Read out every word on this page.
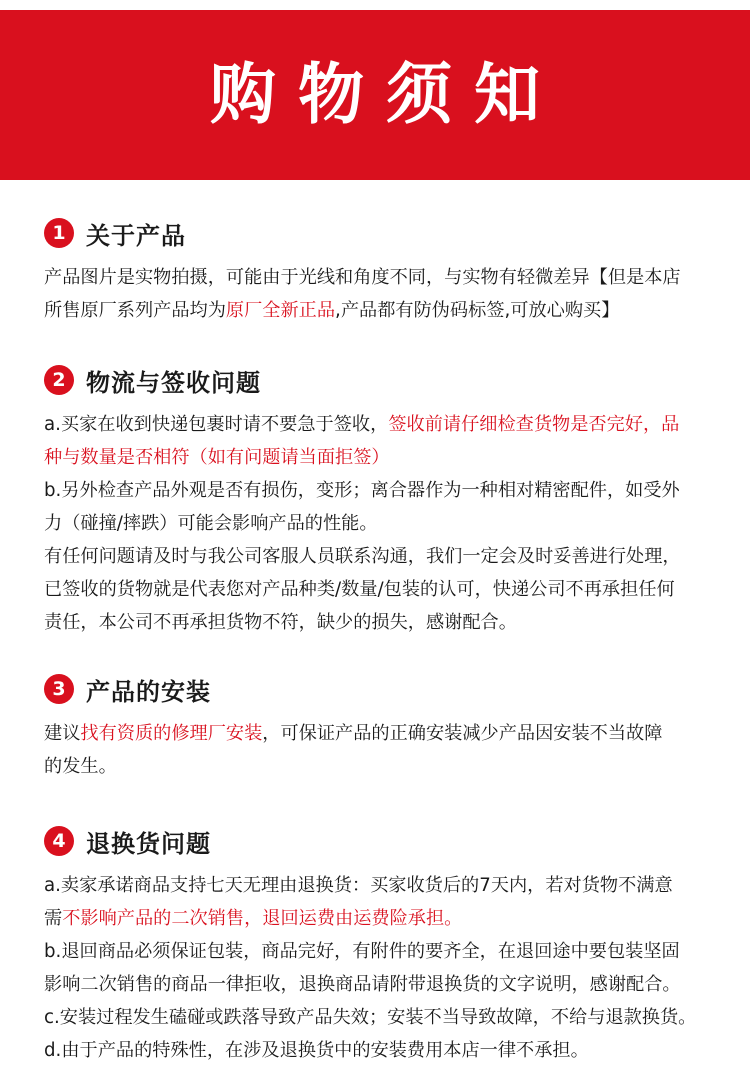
购物须知
1 关于产品

产品图片是实物拍摄，可能由于光线和角度不同，与实物有轻微差异【但是本店

所售原厂系列产品均为原厂全新正品,产品都有防伪码标签,可放心购买】

2 物流与签收问题

a.买家在收到快递包裹时请不要急于签收，签收前请仔细检查货物是否完好，品

种与数量是否相符（如有问题请当面拒签）

b.另外检查产品外观是否有损伤，变形；离合器作为一种相对精密配件，如受外

力（碰撞/摔跌）可能会影响产品的性能。

有任何问题请及时与我公司客服人员联系沟通，我们一定会及时妥善进行处理，

已签收的货物就是代表您对产品种类/数量/包装的认可，快递公司不再承担任何

责任，本公司不再承担货物不符，缺少的损失，感谢配合。

3 产品的安装

建议找有资质的修理厂安装，可保证产品的正确安装减少产品因安装不当故障

的发生。

4 退换货问题

a.卖家承诺商品支持七天无理由退换货：买家收货后的7天内，若对货物不满意

需不影响产品的二次销售，退回运费由运费险承担。

b.退回商品必须保证包装，商品完好，有附件的要齐全，在退回途中要包装坚固

影响二次销售的商品一律拒收，退换商品请附带退换货的文字说明，感谢配合。

c.安装过程发生磕碰或跌落导致产品失效；安装不当导致故障，不给与退款换货。

d.由于产品的特殊性，在涉及退换货中的安装费用本店一律不承担。
